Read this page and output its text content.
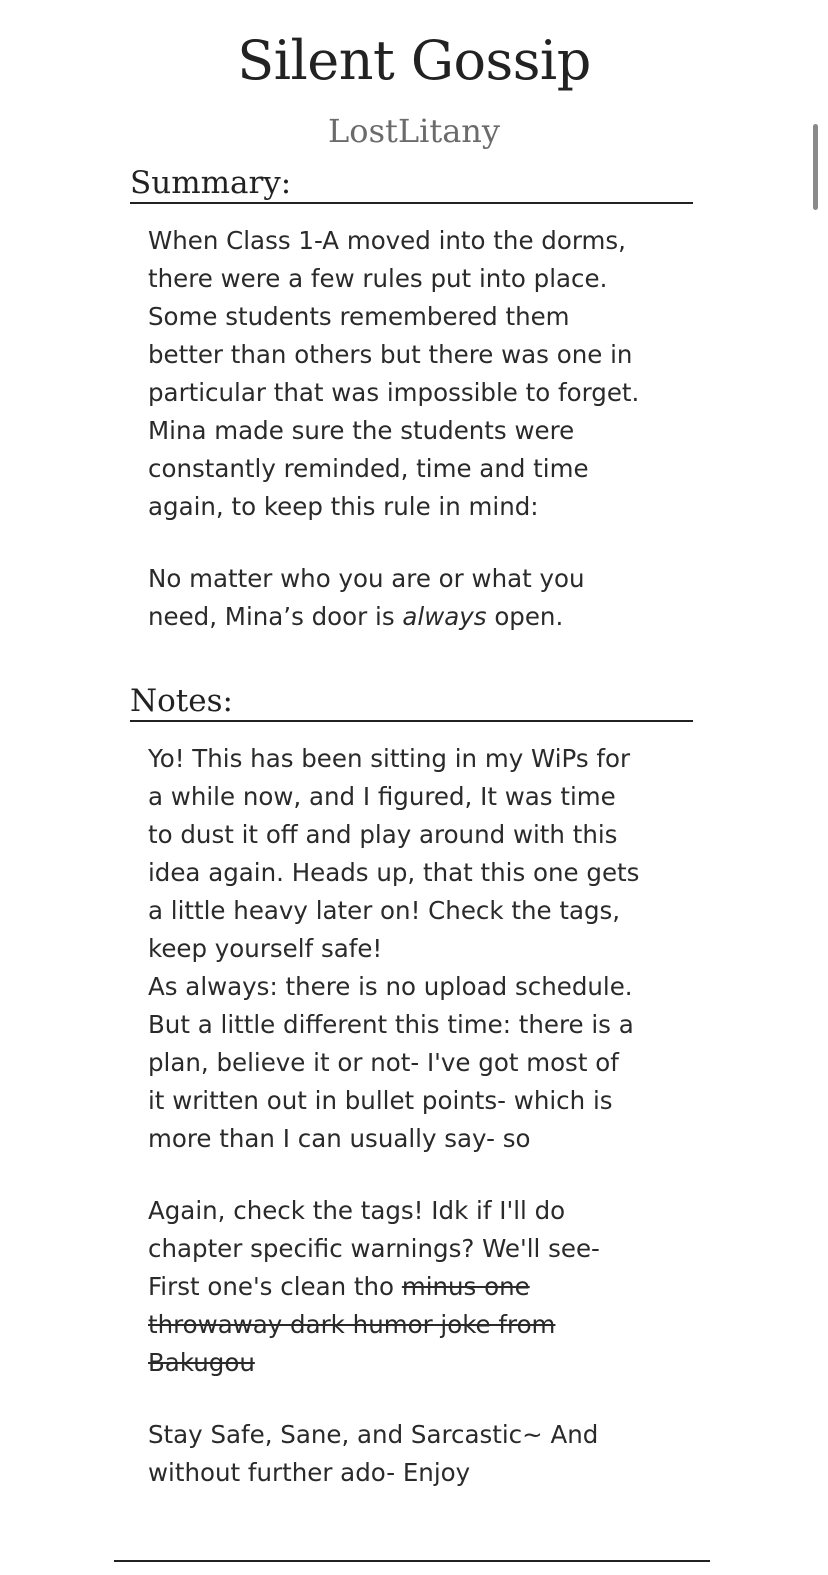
Silent Gossip
LostLitany
Summary:

When Class 1-A moved into the dorms,
there were a few rules put into place.
Some students remembered them
better than others but there was one in
particular that was impossible to forget.
Mina made sure the students were
constantly reminded, time and time
again, to keep this rule in mind:

No matter who you are or what you
need, Mina’s door is always open.

Notes:

Yo! This has been sitting in my WiPs for
a while now, and I figured, It was time
to dust it off and play around with this
idea again. Heads up, that this one gets
a little heavy later on! Check the tags,
keep yourself safe!
As always: there is no upload schedule.
But a little different this time: there is a
plan, believe it or not- I've got most of
it written out in bullet points- which is
more than I can usually say- so

Again, check the tags! Idk if I'll do
chapter specific warnings? We'll see-
First one's clean tho minus one
throwaway dark humor joke from
Bakugou

Stay Safe, Sane, and Sarcastic~ And
without further ado- Enjoy
